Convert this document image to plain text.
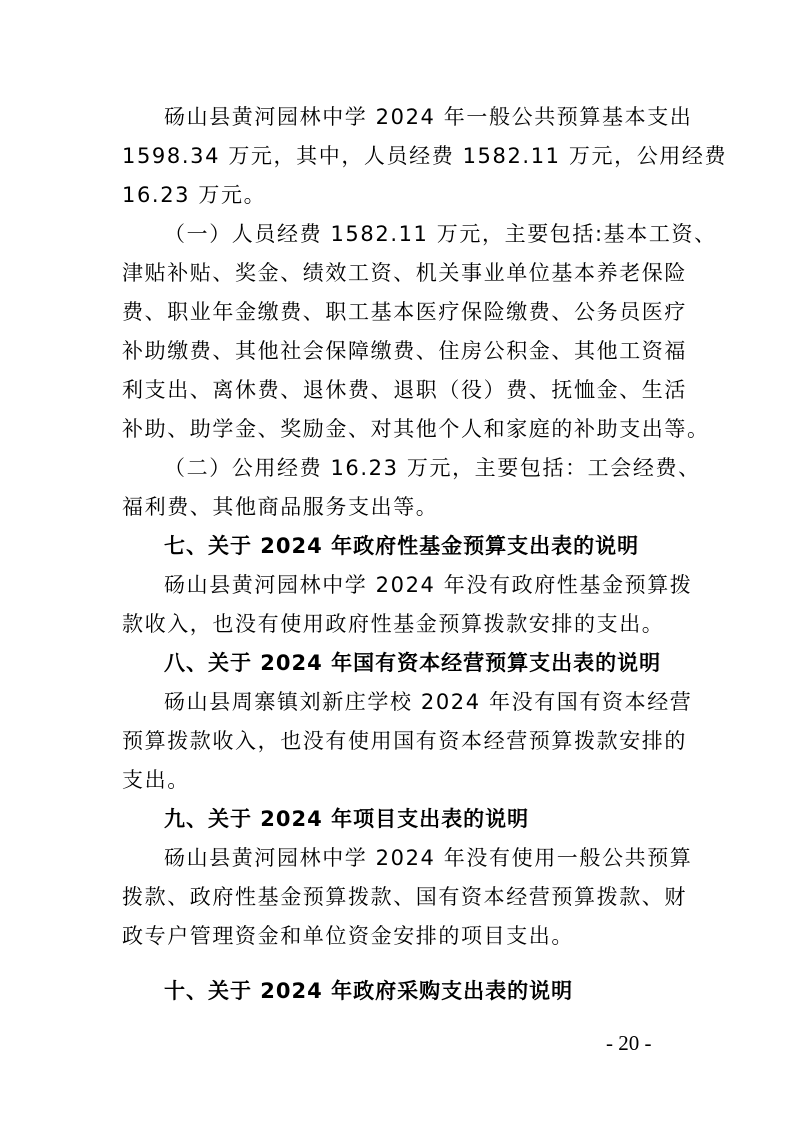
砀山县黄河园林中学 2024 年一般公共预算基本支出
1598.34 万元，其中，人员经费 1582.11 万元，公用经费
16.23 万元。
（一）人员经费 1582.11 万元，主要包括:基本工资、
津贴补贴、奖金、绩效工资、机关事业单位基本养老保险
费、职业年金缴费、职工基本医疗保险缴费、公务员医疗
补助缴费、其他社会保障缴费、住房公积金、其他工资福
利支出、离休费、退休费、退职（役）费、抚恤金、生活
补助、助学金、奖励金、对其他个人和家庭的补助支出等。
（二）公用经费 16.23 万元，主要包括：工会经费、
福利费、其他商品服务支出等。
七、关于 2024 年政府性基金预算支出表的说明
砀山县黄河园林中学 2024 年没有政府性基金预算拨
款收入，也没有使用政府性基金预算拨款安排的支出。
八、关于 2024 年国有资本经营预算支出表的说明
砀山县周寨镇刘新庄学校 2024 年没有国有资本经营
预算拨款收入，也没有使用国有资本经营预算拨款安排的
支出。
九、关于 2024 年项目支出表的说明
砀山县黄河园林中学 2024 年没有使用一般公共预算
拨款、政府性基金预算拨款、国有资本经营预算拨款、财
政专户管理资金和单位资金安排的项目支出。
十、关于 2024 年政府采购支出表的说明
- 20 -
